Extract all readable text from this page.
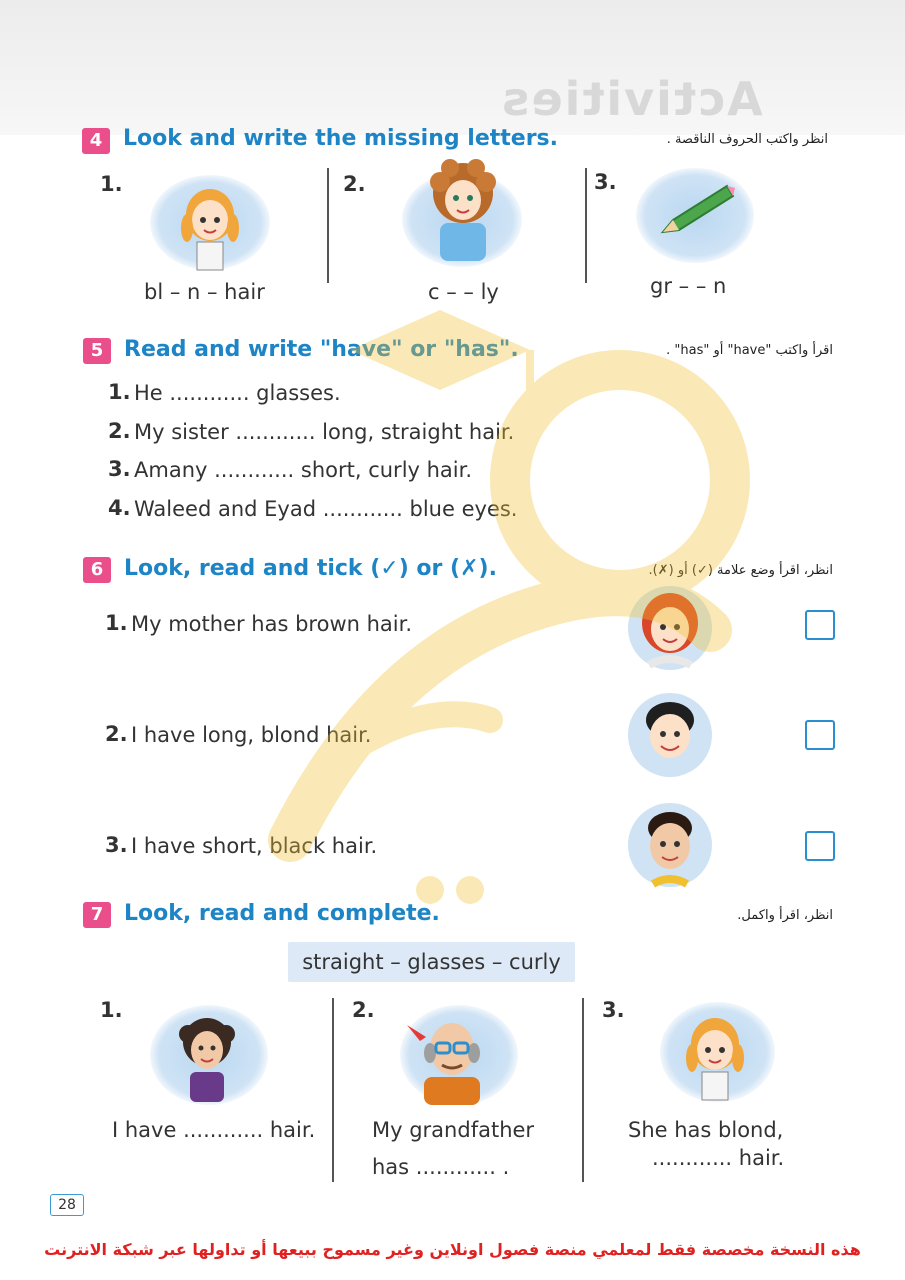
Activities
4 Look and write the missing letters.	انظر واكتب الحروف الناقصة .
1.
bl – n – hair
2.
c – – ly
3.
gr – – n
5 Read and write "have" or "has".	اقرأ واكتب "have" أو "has" .
1. He ............ glasses.
2. My sister ............ long, straight hair.
3. Amany ............ short, curly hair.
4. Waleed and Eyad ............ blue eyes.
6 Look, read and tick (✓) or (✗).	انظر، اقرأ وضع علامة (✓) أو (✗).
1. My mother has brown hair.
2. I have long, blond hair.
3. I have short, black hair.
7 Look, read and complete.	انظر، اقرأ واكمل.
straight – glasses – curly
1.
I have ............ hair.
2.
My grandfather
has ............ .
3.
She has blond,
............ hair.
28
هذه النسخة مخصصة فقط لمعلمي منصة فصول اونلاين وغير مسموح ببيعها أو تداولها عبر شبكة الانترنت
